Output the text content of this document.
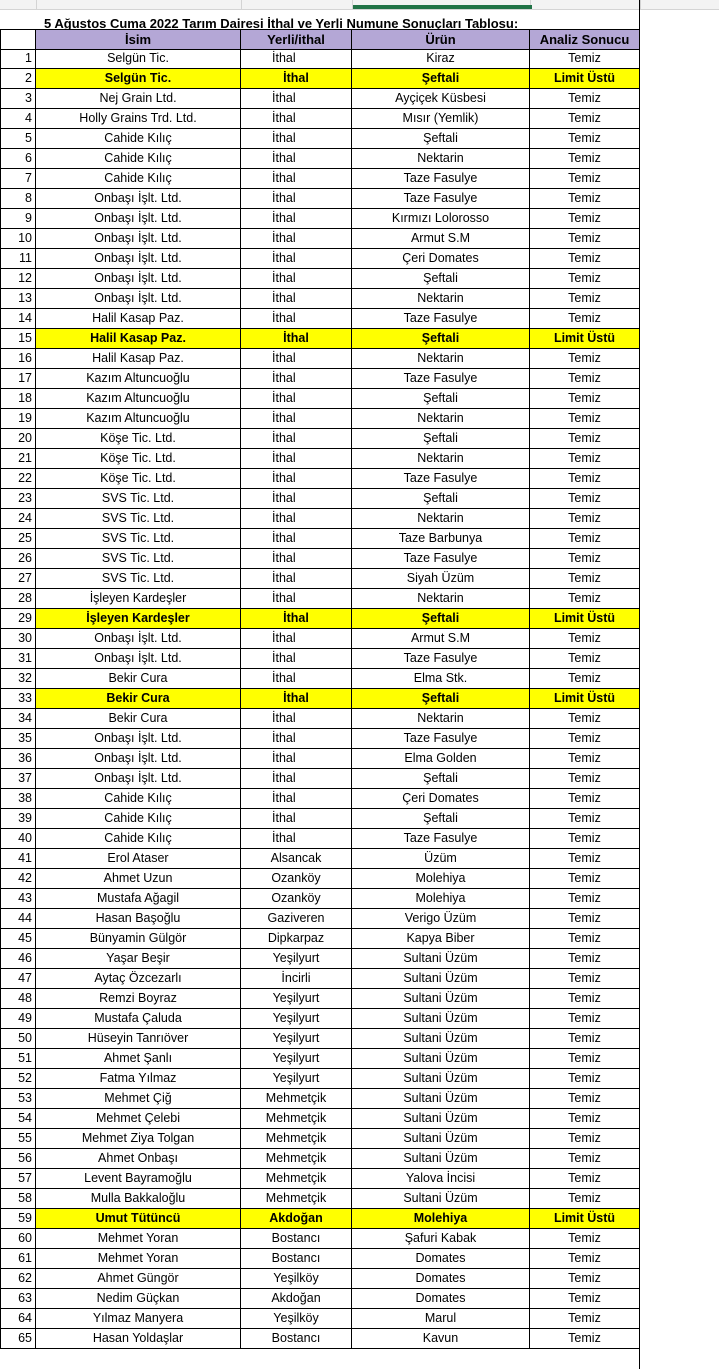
5 Ağustos Cuma 2022 Tarım Dairesi İthal ve Yerli Numune Sonuçları Tablosu:
İsim	Yerli/ithal	Ürün	Analiz Sonucu
1	Selgün Tic.	İthal	Kiraz	Temiz
2	Selgün Tic.	İthal	Şeftali	Limit Üstü
3	Nej Grain Ltd.	İthal	Ayçiçek Küsbesi	Temiz
4	Holly Grains Trd. Ltd.	İthal	Mısır (Yemlik)	Temiz
5	Cahide Kılıç	İthal	Şeftali	Temiz
6	Cahide Kılıç	İthal	Nektarin	Temiz
7	Cahide Kılıç	İthal	Taze Fasulye	Temiz
8	Onbaşı İşlt. Ltd.	İthal	Taze Fasulye	Temiz
9	Onbaşı İşlt. Ltd.	İthal	Kırmızı Lolorosso	Temiz
10	Onbaşı İşlt. Ltd.	İthal	Armut S.M	Temiz
11	Onbaşı İşlt. Ltd.	İthal	Çeri Domates	Temiz
12	Onbaşı İşlt. Ltd.	İthal	Şeftali	Temiz
13	Onbaşı İşlt. Ltd.	İthal	Nektarin	Temiz
14	Halil Kasap Paz.	İthal	Taze Fasulye	Temiz
15	Halil Kasap Paz.	İthal	Şeftali	Limit Üstü
16	Halil Kasap Paz.	İthal	Nektarin	Temiz
17	Kazım Altuncuoğlu	İthal	Taze Fasulye	Temiz
18	Kazım Altuncuoğlu	İthal	Şeftali	Temiz
19	Kazım Altuncuoğlu	İthal	Nektarin	Temiz
20	Köşe Tic. Ltd.	İthal	Şeftali	Temiz
21	Köşe Tic. Ltd.	İthal	Nektarin	Temiz
22	Köşe Tic. Ltd.	İthal	Taze Fasulye	Temiz
23	SVS Tic. Ltd.	İthal	Şeftali	Temiz
24	SVS Tic. Ltd.	İthal	Nektarin	Temiz
25	SVS Tic. Ltd.	İthal	Taze Barbunya	Temiz
26	SVS Tic. Ltd.	İthal	Taze Fasulye	Temiz
27	SVS Tic. Ltd.	İthal	Siyah Üzüm	Temiz
28	İşleyen Kardeşler	İthal	Nektarin	Temiz
29	İşleyen Kardeşler	İthal	Şeftali	Limit Üstü
30	Onbaşı İşlt. Ltd.	İthal	Armut S.M	Temiz
31	Onbaşı İşlt. Ltd.	İthal	Taze Fasulye	Temiz
32	Bekir Cura	İthal	Elma Stk.	Temiz
33	Bekir Cura	İthal	Şeftali	Limit Üstü
34	Bekir Cura	İthal	Nektarin	Temiz
35	Onbaşı İşlt. Ltd.	İthal	Taze Fasulye	Temiz
36	Onbaşı İşlt. Ltd.	İthal	Elma Golden	Temiz
37	Onbaşı İşlt. Ltd.	İthal	Şeftali	Temiz
38	Cahide Kılıç	İthal	Çeri Domates	Temiz
39	Cahide Kılıç	İthal	Şeftali	Temiz
40	Cahide Kılıç	İthal	Taze Fasulye	Temiz
41	Erol Ataser	Alsancak	Üzüm	Temiz
42	Ahmet Uzun	Ozanköy	Molehiya	Temiz
43	Mustafa Ağagil	Ozanköy	Molehiya	Temiz
44	Hasan Başoğlu	Gaziveren	Verigo Üzüm	Temiz
45	Bünyamin Gülgör	Dipkarpaz	Kapya Biber	Temiz
46	Yaşar Beşir	Yeşilyurt	Sultani Üzüm	Temiz
47	Aytaç Özcezarlı	İncirli	Sultani Üzüm	Temiz
48	Remzi Boyraz	Yeşilyurt	Sultani Üzüm	Temiz
49	Mustafa Çaluda	Yeşilyurt	Sultani Üzüm	Temiz
50	Hüseyin Tanrıöver	Yeşilyurt	Sultani Üzüm	Temiz
51	Ahmet Şanlı	Yeşilyurt	Sultani Üzüm	Temiz
52	Fatma Yılmaz	Yeşilyurt	Sultani Üzüm	Temiz
53	Mehmet Çiğ	Mehmetçik	Sultani Üzüm	Temiz
54	Mehmet Çelebi	Mehmetçik	Sultani Üzüm	Temiz
55	Mehmet Ziya Tolgan	Mehmetçik	Sultani Üzüm	Temiz
56	Ahmet Onbaşı	Mehmetçik	Sultani Üzüm	Temiz
57	Levent Bayramoğlu	Mehmetçik	Yalova İncisi	Temiz
58	Mulla Bakkaloğlu	Mehmetçik	Sultani Üzüm	Temiz
59	Umut Tütüncü	Akdoğan	Molehiya	Limit Üstü
60	Mehmet Yoran	Bostancı	Şafuri Kabak	Temiz
61	Mehmet Yoran	Bostancı	Domates	Temiz
62	Ahmet Güngör	Yeşilköy	Domates	Temiz
63	Nedim Güçkan	Akdoğan	Domates	Temiz
64	Yılmaz Manyera	Yeşilköy	Marul	Temiz
65	Hasan Yoldaşlar	Bostancı	Kavun	Temiz
